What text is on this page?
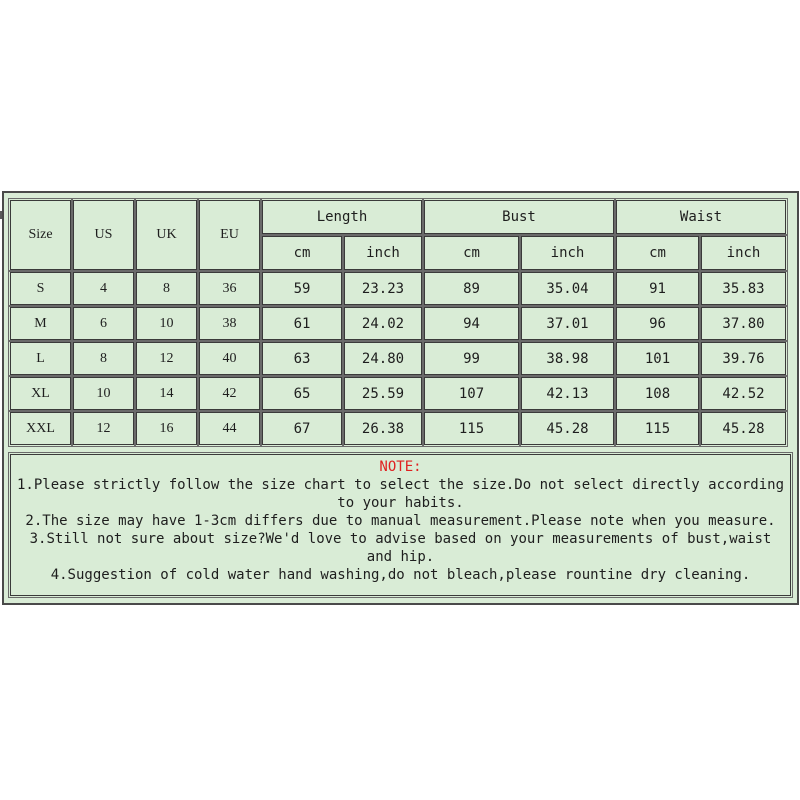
Size	US	UK	EU	Length		Bust		Waist	
				cm	inch	cm	inch	cm	inch
S	4	8	36	59	23.23	89	35.04	91	35.83
M	6	10	38	61	24.02	94	37.01	96	37.80
L	8	12	40	63	24.80	99	38.98	101	39.76
XL	10	14	42	65	25.59	107	42.13	108	42.52
XXL	12	16	44	67	26.38	115	45.28	115	45.28
NOTE:
1.Please strictly follow the size chart to select the size.Do not select directly according to your habits.
2.The size may have 1-3cm differs due to manual measurement.Please note when you measure.
3.Still not sure about size?We'd love to advise based on your measurements of bust,waist and hip.
4.Suggestion of cold water hand washing,do not bleach,please rountine dry cleaning.
